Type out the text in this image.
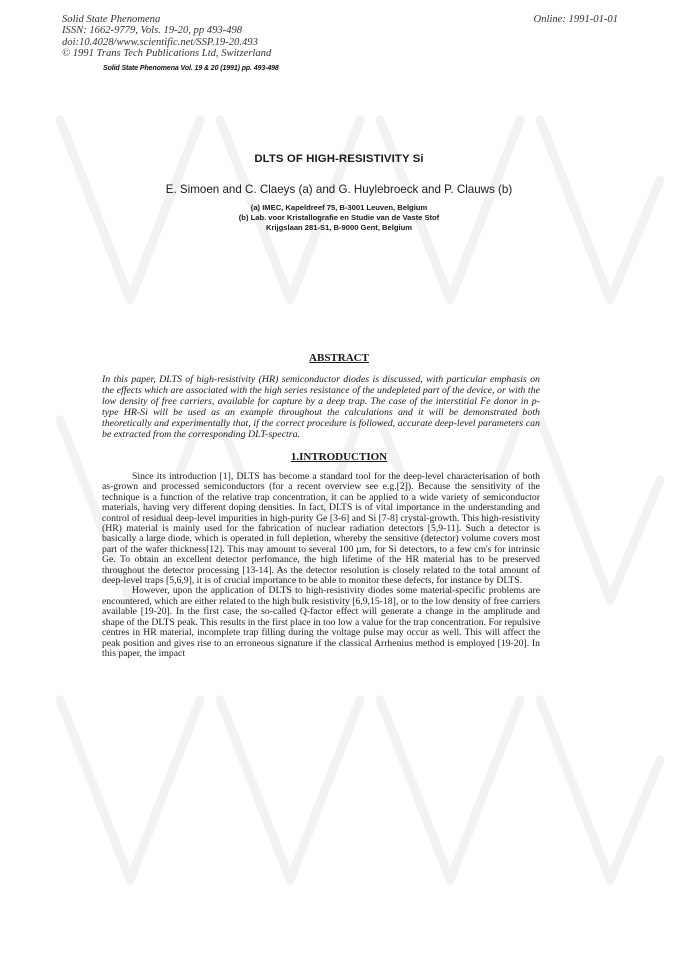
Solid State Phenomena
ISSN: 1662-9779, Vols. 19-20, pp 493-498
doi:10.4028/www.scientific.net/SSP.19-20.493
© 1991 Trans Tech Publications Ltd, Switzerland
Online: 1991-01-01
Solid State Phenomena Vol. 19 & 20 (1991) pp. 493-498
DLTS OF HIGH-RESISTIVITY Si
E. Simoen and C. Claeys (a) and G. Huylebroeck and P. Clauws (b)
(a) IMEC, Kapeldreef 75, B-3001 Leuven, Belgium
(b) Lab. voor Kristallografie en Studie van de Vaste Stof
Krijgslaan 281-S1, B-9000 Gent, Belgium
ABSTRACT
In this paper, DLTS of high-resistivity (HR) semiconductor diodes is discussed, with particular emphasis on the effects which are associated with the high series resistance of the undepleted part of the device, or with the low density of free carriers, available for capture by a deep trap. The case of the interstitial Fe donor in p-type HR-Si will be used as an example throughout the calculations and it will be demonstrated both theoretically and experimentally that, if the correct procedure is followed, accurate deep-level parameters can be extracted from the corresponding DLT-spectra.
1.INTRODUCTION

Since its introduction [1], DLTS has become a standard tool for the deep-level characterisation of both as-grown and processed semiconductors (for a recent overview see e.g.[2]). Because the sensitivity of the technique is a function of the relative trap concentration, it can be applied to a wide variety of semiconductor materials, having very different doping densities. In fact, DLTS is of vital importance in the understanding and control of residual deep-level impurities in high-purity Ge [3-6] and Si [7-8] crystal-growth. This high-resistivity (HR) material is mainly used for the fabrication of nuclear radiation detectors [5,9-11]. Such a detector is basically a large diode, which is operated in full depletion, whereby the sensitive (detector) volume covers most part of the wafer thickness[12]. This may amount to several 100 µm, for Si detectors, to a few cm's for intrinsic Ge. To obtain an excellent detector perfomance, the high lifetime of the HR material has to be preserved throughout the detector processing [13-14]. As the detector resolution is closely related to the total amount of deep-level traps [5,6,9], it is of crucial importance to be able to monitor these defects, for instance by DLTS.

However, upon the application of DLTS to high-resistivity diodes some material-specific problems are encountered, which are either related to the high bulk resistivity [6,9,15-18], or to the low density of free carriers available [19-20]. In the first case, the so-called Q-factor effect will generate a change in the amplitude and shape of the DLTS peak. This results in the first place in too low a value for the trap concentration. For repulsive centres in HR material, incomplete trap filling during the voltage pulse may occur as well. This will affect the peak position and gives rise to an erroneous signature if the classical Arrhenius method is employed [19-20]. In this paper, the impact
